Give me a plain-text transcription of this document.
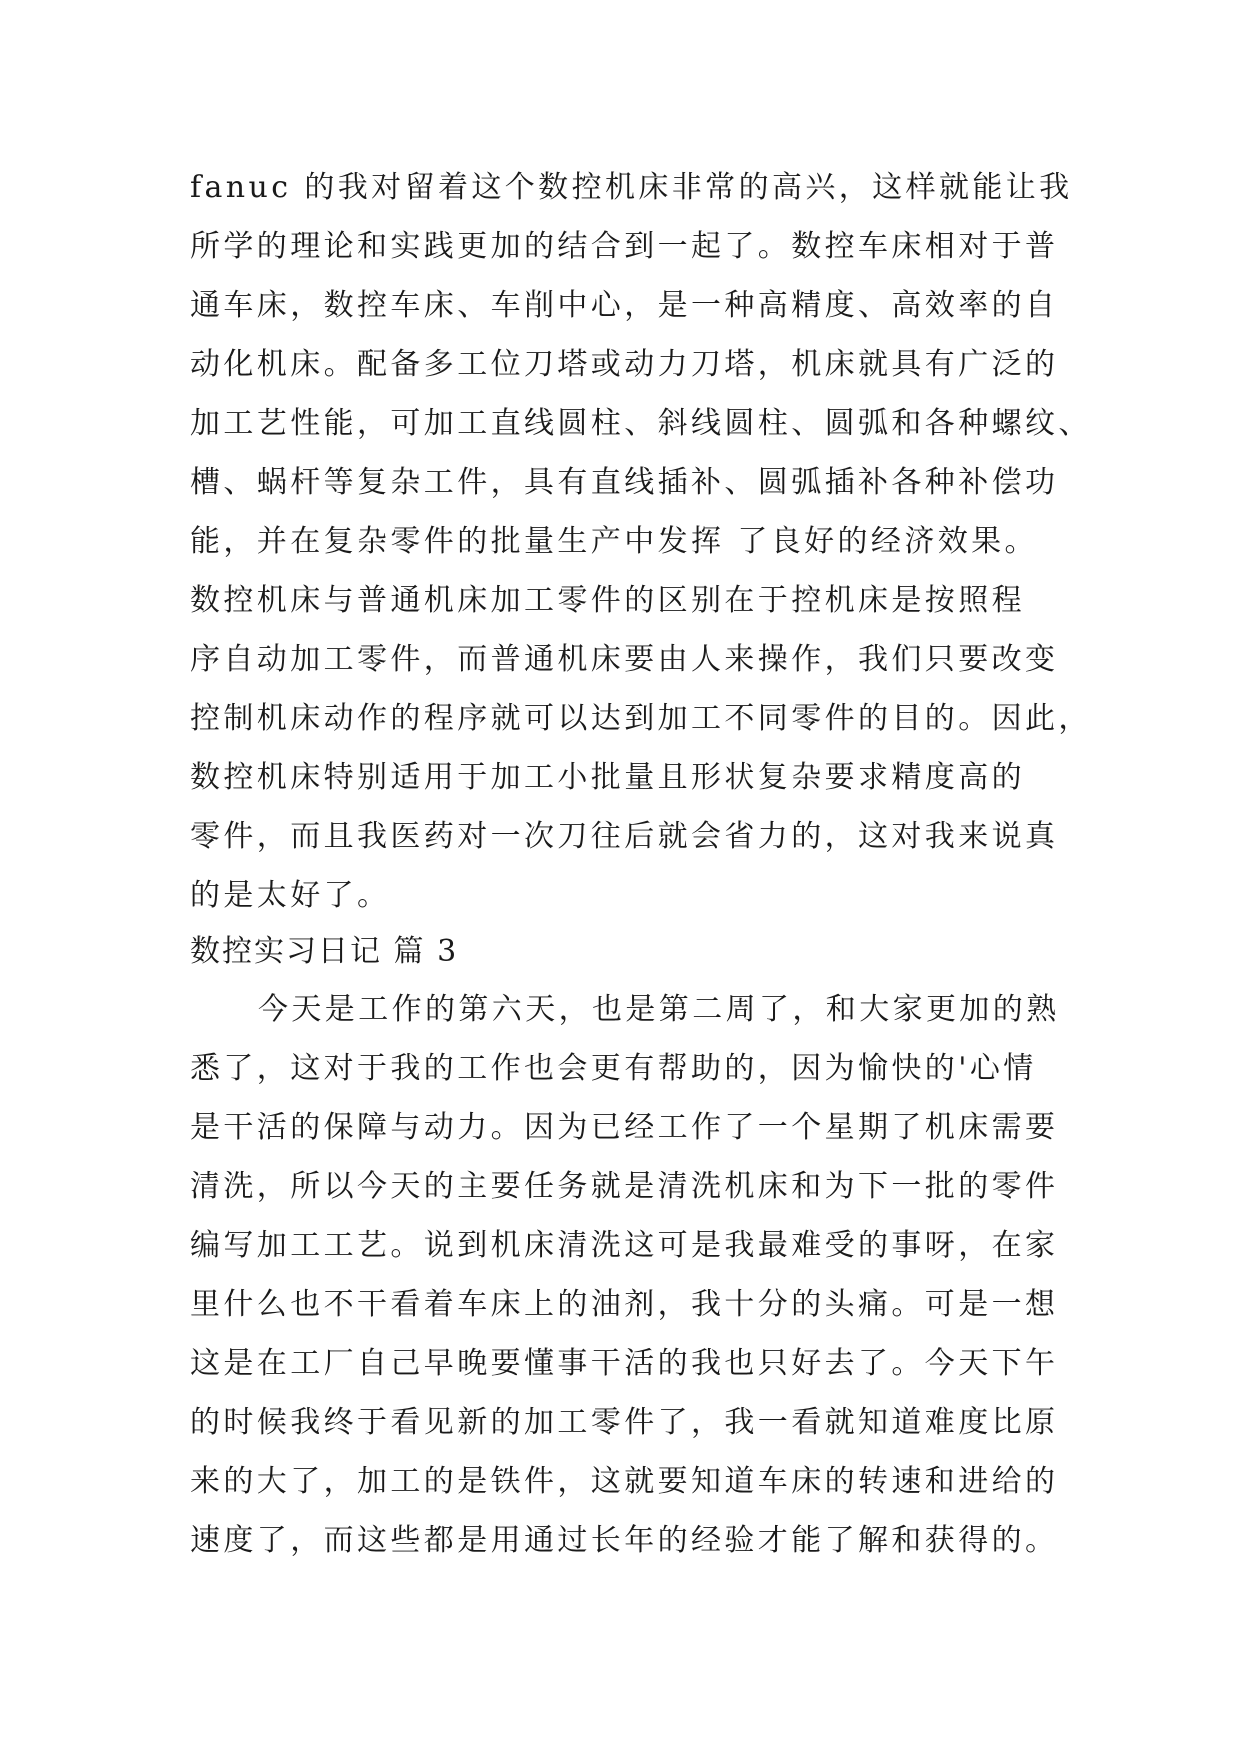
fanuc 的我对留着这个数控机床非常的高兴，这样就能让我
所学的理论和实践更加的结合到一起了。数控车床相对于普
通车床，数控车床、车削中心，是一种高精度、高效率的自
动化机床。配备多工位刀塔或动力刀塔，机床就具有广泛的
加工艺性能，可加工直线圆柱、斜线圆柱、圆弧和各种螺纹、
槽、蜗杆等复杂工件，具有直线插补、圆弧插补各种补偿功
能，并在复杂零件的批量生产中发挥 了良好的经济效果。
数控机床与普通机床加工零件的区别在于控机床是按照程
序自动加工零件，而普通机床要由人来操作，我们只要改变
控制机床动作的程序就可以达到加工不同零件的目的。因此，
数控机床特别适用于加工小批量且形状复杂要求精度高的
零件，而且我医药对一次刀往后就会省力的，这对我来说真
的是太好了。
数控实习日记 篇 3
今天是工作的第六天，也是第二周了，和大家更加的熟
悉了，这对于我的工作也会更有帮助的，因为愉快的'心情
是干活的保障与动力。因为已经工作了一个星期了机床需要
清洗，所以今天的主要任务就是清洗机床和为下一批的零件
编写加工工艺。说到机床清洗这可是我最难受的事呀，在家
里什么也不干看着车床上的油剂，我十分的头痛。可是一想
这是在工厂自己早晚要懂事干活的我也只好去了。今天下午
的时候我终于看见新的加工零件了，我一看就知道难度比原
来的大了，加工的是铁件，这就要知道车床的转速和进给的
速度了，而这些都是用通过长年的经验才能了解和获得的。
